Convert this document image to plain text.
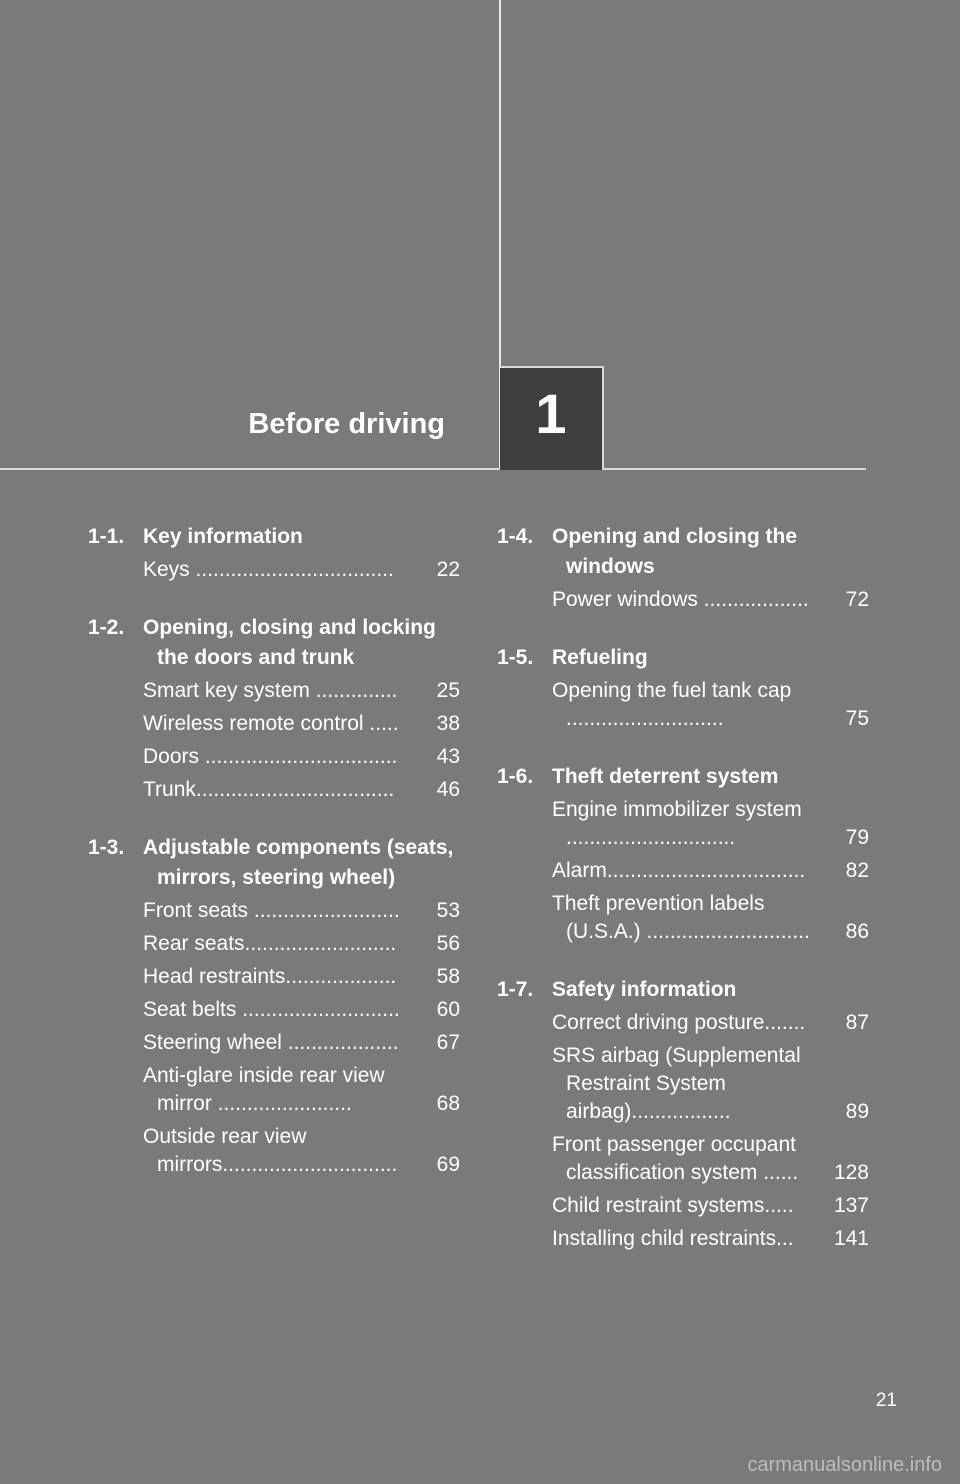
Before driving 1
1-1. Key information
Keys ..................................	22
1-2. Opening, closing and locking the doors and trunk
Smart key system ..............	25
Wireless remote control .....	38
Doors .................................	43
Trunk..................................	46
1-3. Adjustable components (seats, mirrors, steering wheel)
Front seats .........................	53
Rear seats..........................	56
Head restraints...................	58
Seat belts ...........................	60
Steering wheel ...................	67
Anti-glare inside rear view mirror .......................	68
Outside rear view mirrors..............................	69
1-4. Opening and closing the windows
Power windows ..................	72
1-5. Refueling
Opening the fuel tank cap ...........................	75
1-6. Theft deterrent system
Engine immobilizer system .............................	79
Alarm..................................	82
Theft prevention labels (U.S.A.) ............................	86
1-7. Safety information
Correct driving posture.......	87
SRS airbag (Supplemental Restraint System airbag).................	89
Front passenger occupant classification system ......	128
Child restraint systems.....	137
Installing child restraints...	141
21
carmanualsonline.info
